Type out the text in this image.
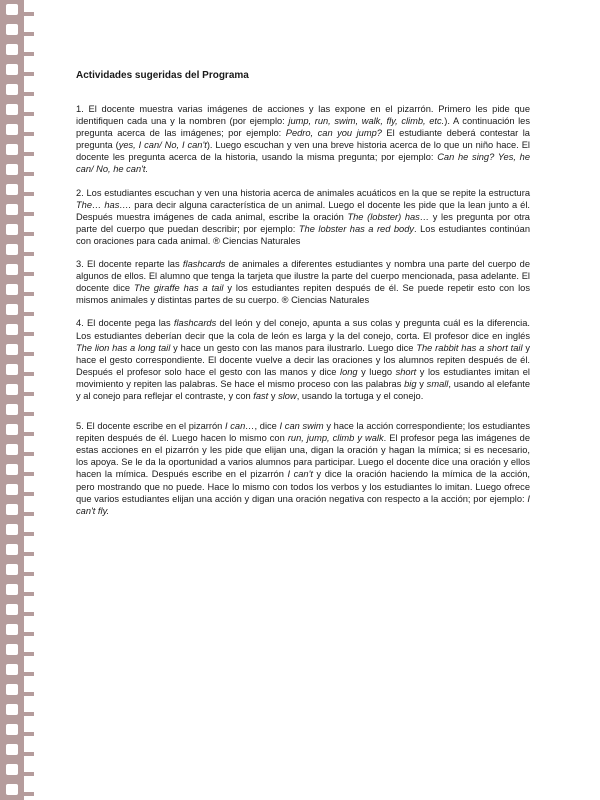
Actividades sugeridas del Programa

1. El docente muestra varias imágenes de acciones y las expone en el pizarrón. Primero les pide que identifiquen cada una y la nombren (por ejemplo: jump, run, swim, walk, fly, climb, etc.). A continuación les pregunta acerca de las imágenes; por ejemplo: Pedro, can you jump? El estudiante deberá contestar la pregunta (yes, I can/ No, I can't). Luego escuchan y ven una breve historia acerca de lo que un niño hace. El docente les pregunta acerca de la historia, usando la misma pregunta; por ejemplo: Can he sing? Yes, he can/ No, he can't.

2. Los estudiantes escuchan y ven una historia acerca de animales acuáticos en la que se repite la estructura The… has…. para decir alguna característica de un animal. Luego el docente les pide que la lean junto a él. Después muestra imágenes de cada animal, escribe la oración The (lobster) has… y les pregunta por otra parte del cuerpo que puedan describir; por ejemplo: The lobster has a red body. Los estudiantes continúan con oraciones para cada animal. ® Ciencias Naturales

3. El docente reparte las flashcards de animales a diferentes estudiantes y nombra una parte del cuerpo de algunos de ellos. El alumno que tenga la tarjeta que ilustre la parte del cuerpo mencionada, pasa adelante. El docente dice The giraffe has a tail y los estudiantes repiten después de él. Se puede repetir esto con los mismos animales y distintas partes de su cuerpo. ® Ciencias Naturales

4. El docente pega las flashcards del león y del conejo, apunta a sus colas y pregunta cuál es la diferencia. Los estudiantes deberían decir que la cola de león es larga y la del conejo, corta. El profesor dice en inglés The lion has a long tail y hace un gesto con las manos para ilustrarlo. Luego dice The rabbit has a short tail y hace el gesto correspondiente. El docente vuelve a decir las oraciones y los alumnos repiten después de él. Después el profesor solo hace el gesto con las manos y dice long y luego short y los estudiantes imitan el movimiento y repiten las palabras. Se hace el mismo proceso con las palabras big y small, usando al elefante y al conejo para reflejar el contraste, y con fast y slow, usando la tortuga y el conejo.

5. El docente escribe en el pizarrón I can…, dice I can swim y hace la acción correspondiente; los estudiantes repiten después de él. Luego hacen lo mismo con run, jump, climb y walk. El profesor pega las imágenes de estas acciones en el pizarrón y les pide que elijan una, digan la oración y hagan la mímica; si es necesario, los apoya. Se le da la oportunidad a varios alumnos para participar. Luego el docente dice una oración y ellos hacen la mímica. Después escribe en el pizarrón I can't y dice la oración haciendo la mímica de la acción, pero mostrando que no puede. Hace lo mismo con todos los verbos y los estudiantes lo imitan. Luego ofrece que varios estudiantes elijan una acción y digan una oración negativa con respecto a la acción; por ejemplo: I can't fly.
